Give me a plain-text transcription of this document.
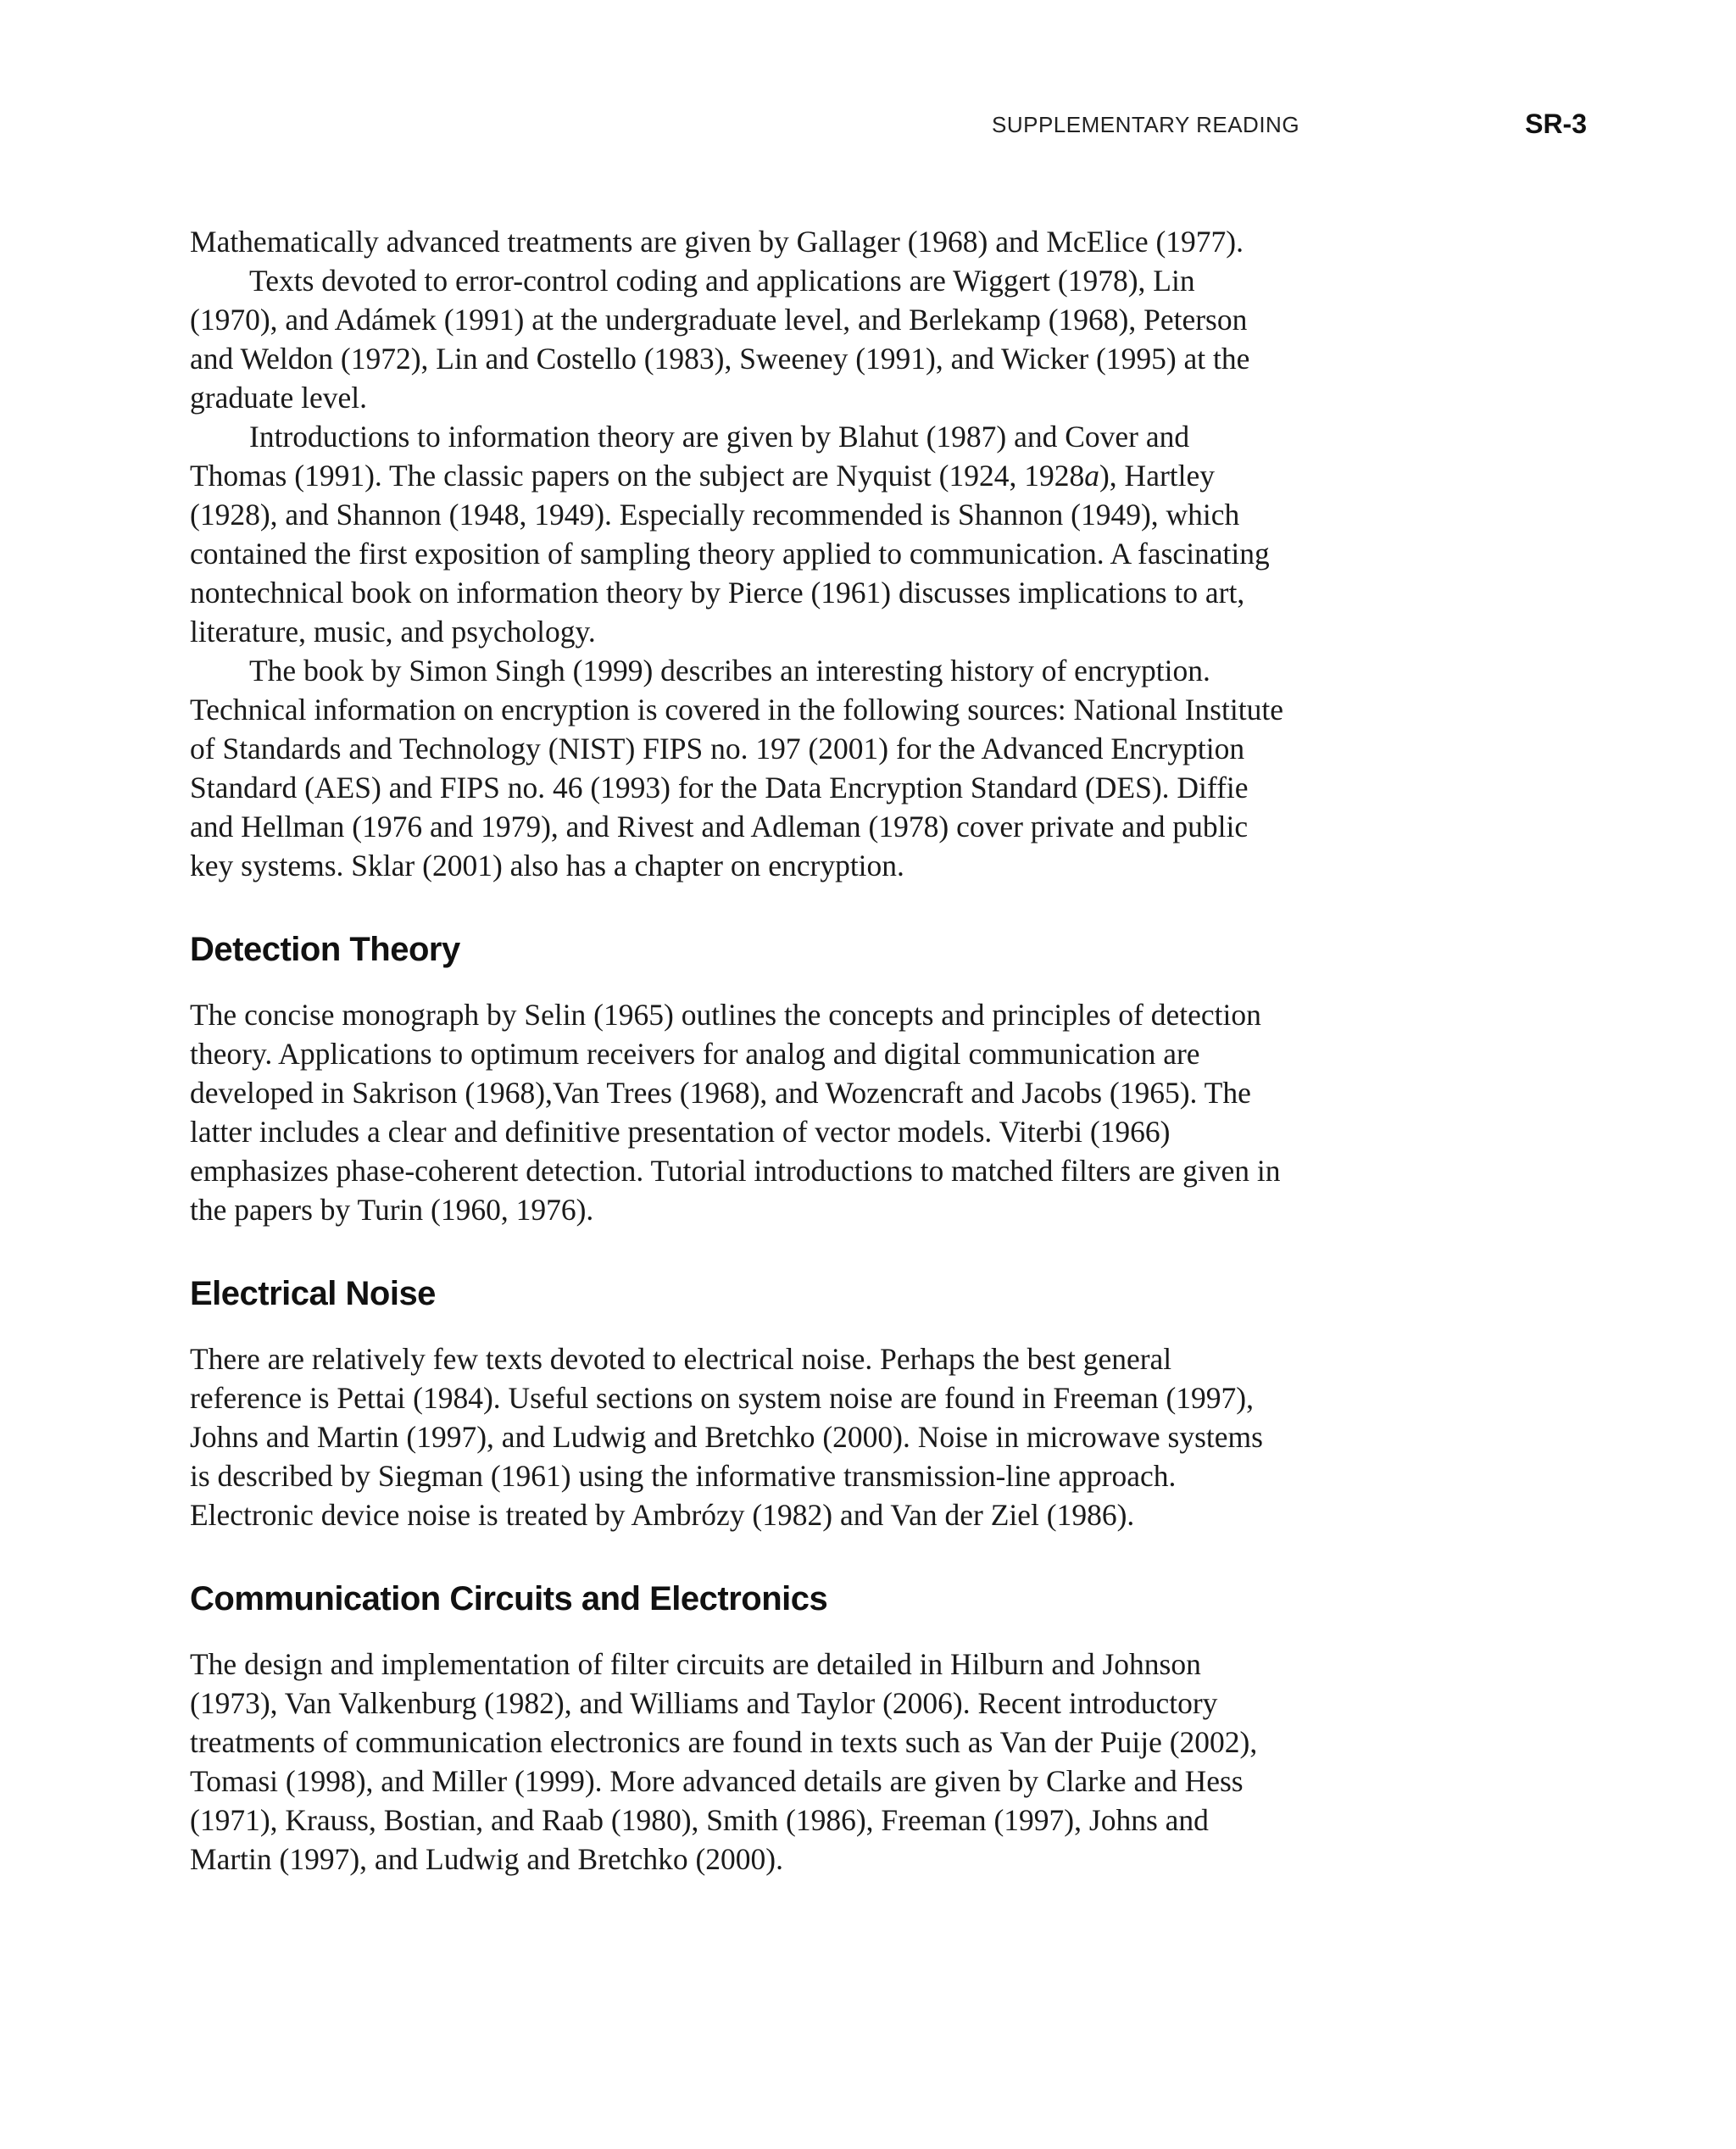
SUPPLEMENTARY READING	SR-3

Mathematically advanced treatments are given by Gallager (1968) and McElice (1977).

Texts devoted to error-control coding and applications are Wiggert (1978), Lin (1970), and Adámek (1991) at the undergraduate level, and Berlekamp (1968), Peterson and Weldon (1972), Lin and Costello (1983), Sweeney (1991), and Wicker (1995) at the graduate level.

Introductions to information theory are given by Blahut (1987) and Cover and Thomas (1991). The classic papers on the subject are Nyquist (1924, 1928a), Hartley (1928), and Shannon (1948, 1949). Especially recommended is Shannon (1949), which contained the first exposition of sampling theory applied to communication. A fascinating nontechnical book on information theory by Pierce (1961) discusses implications to art, literature, music, and psychology.

The book by Simon Singh (1999) describes an interesting history of encryption. Technical information on encryption is covered in the following sources: National Institute of Standards and Technology (NIST) FIPS no. 197 (2001) for the Advanced Encryption Standard (AES) and FIPS no. 46 (1993) for the Data Encryption Standard (DES). Diffie and Hellman (1976 and 1979), and Rivest and Adleman (1978) cover private and public key systems. Sklar (2001) also has a chapter on encryption.

Detection Theory

The concise monograph by Selin (1965) outlines the concepts and principles of detection theory. Applications to optimum receivers for analog and digital communication are developed in Sakrison (1968),Van Trees (1968), and Wozencraft and Jacobs (1965). The latter includes a clear and definitive presentation of vector models. Viterbi (1966) emphasizes phase-coherent detection. Tutorial introductions to matched filters are given in the papers by Turin (1960, 1976).

Electrical Noise

There are relatively few texts devoted to electrical noise. Perhaps the best general reference is Pettai (1984). Useful sections on system noise are found in Freeman (1997), Johns and Martin (1997), and Ludwig and Bretchko (2000). Noise in microwave systems is described by Siegman (1961) using the informative transmission-line approach. Electronic device noise is treated by Ambrózy (1982) and Van der Ziel (1986).

Communication Circuits and Electronics

The design and implementation of filter circuits are detailed in Hilburn and Johnson (1973), Van Valkenburg (1982), and Williams and Taylor (2006). Recent introductory treatments of communication electronics are found in texts such as Van der Puije (2002), Tomasi (1998), and Miller (1999). More advanced details are given by Clarke and Hess (1971), Krauss, Bostian, and Raab (1980), Smith (1986), Freeman (1997), Johns and Martin (1997), and Ludwig and Bretchko (2000).
